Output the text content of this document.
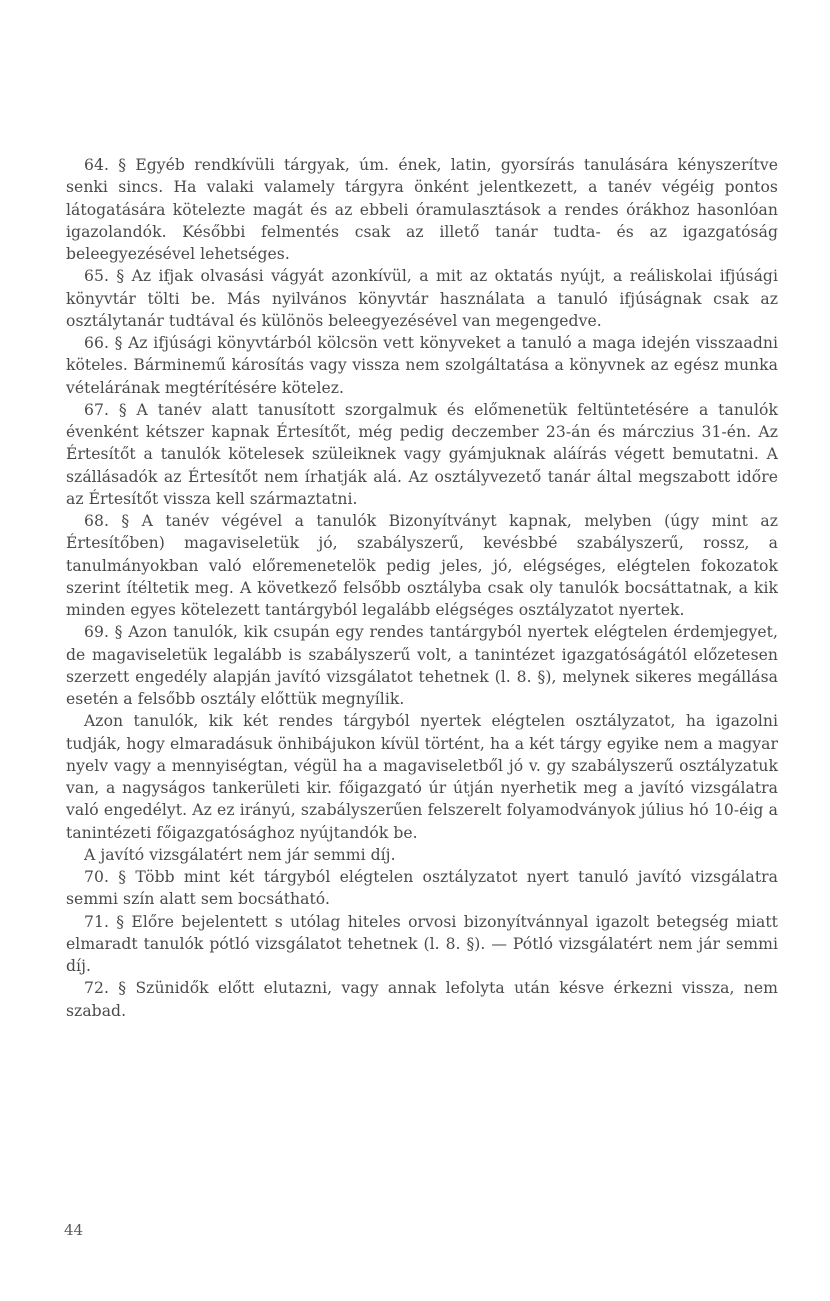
64. § Egyéb rendkívüli tárgyak, úm. ének, latin, gyorsírás tanulására kényszerítve senki sincs. Ha valaki valamely tárgyra önként jelentkezett, a tanév végéig pontos látogatására kötelezte magát és az ebbeli óramulasztások a rendes órákhoz hasonlóan igazolandók. Későbbi felmentés csak az illető tanár tudta- és az igazgatóság beleegyezésével lehetséges.

65. § Az ifjak olvasási vágyát azonkívül, a mit az oktatás nyújt, a reáliskolai ifjúsági könyvtár tölti be. Más nyilvános könyvtár használata a tanuló ifjúságnak csak az osztálytanár tudtával és különös beleegyezésével van megengedve.

66. § Az ifjúsági könyvtárból kölcsön vett könyveket a tanuló a maga idején visszaadni köteles. Bárminemű károsítás vagy vissza nem szolgáltatása a könyvnek az egész munka vételárának megtérítésére kötelez.

67. § A tanév alatt tanusított szorgalmuk és előmenetük feltüntetésére a tanulók évenként kétszer kapnak Értesítőt, még pedig deczember 23-án és márczius 31-én. Az Értesítőt a tanulók kötelesek szüleiknek vagy gyámjuknak aláírás végett bemutatni. A szállásadók az Értesítőt nem írhatják alá. Az osztályvezető tanár által megszabott időre az Értesítőt vissza kell származtatni.

68. § A tanév végével a tanulók Bizonyítványt kapnak, melyben (úgy mint az Értesítőben) magaviseletük jó, szabályszerű, kevésbbé szabályszerű, rossz, a tanulmányokban való előremenetelök pedig jeles, jó, elégséges, elégtelen fokozatok szerint ítéltetik meg. A következő felsőbb osztályba csak oly tanulók bocsáttatnak, a kik minden egyes kötelezett tantárgyból legalább elégséges osztályzatot nyertek.

69. § Azon tanulók, kik csupán egy rendes tantárgyból nyertek elégtelen érdemjegyet, de magaviseletük legalább is szabályszerű volt, a tanintézet igazgatóságától előzetesen szerzett engedély alapján javító vizsgálatot tehetnek (l. 8. §), melynek sikeres megállása esetén a felsőbb osztály előttük megnyílik.

Azon tanulók, kik két rendes tárgyból nyertek elégtelen osztályzatot, ha igazolni tudják, hogy elmaradásuk önhibájukon kívül történt, ha a két tárgy egyike nem a magyar nyelv vagy a mennyiségtan, végül ha a magaviseletből jó v. gy szabályszerű osztályzatuk van, a nagyságos tankerületi kir. főigazgató úr útján nyerhetik meg a javító vizsgálatra való engedélyt. Az ez irányú, szabályszerűen felszerelt folyamodványok július hó 10-éig a tanintézeti főigazgatósághoz nyújtandók be.

A javító vizsgálatért nem jár semmi díj.

70. § Több mint két tárgyból elégtelen osztályzatot nyert tanuló javító vizsgálatra semmi szín alatt sem bocsátható.

71. § Előre bejelentett s utólag hiteles orvosi bizonyítvánnyal igazolt betegség miatt elmaradt tanulók pótló vizsgálatot tehetnek (l. 8. §). — Pótló vizsgálatért nem jár semmi díj.

72. § Szünidők előtt elutazni, vagy annak lefolyta után késve érkezni vissza, nem szabad.

44
